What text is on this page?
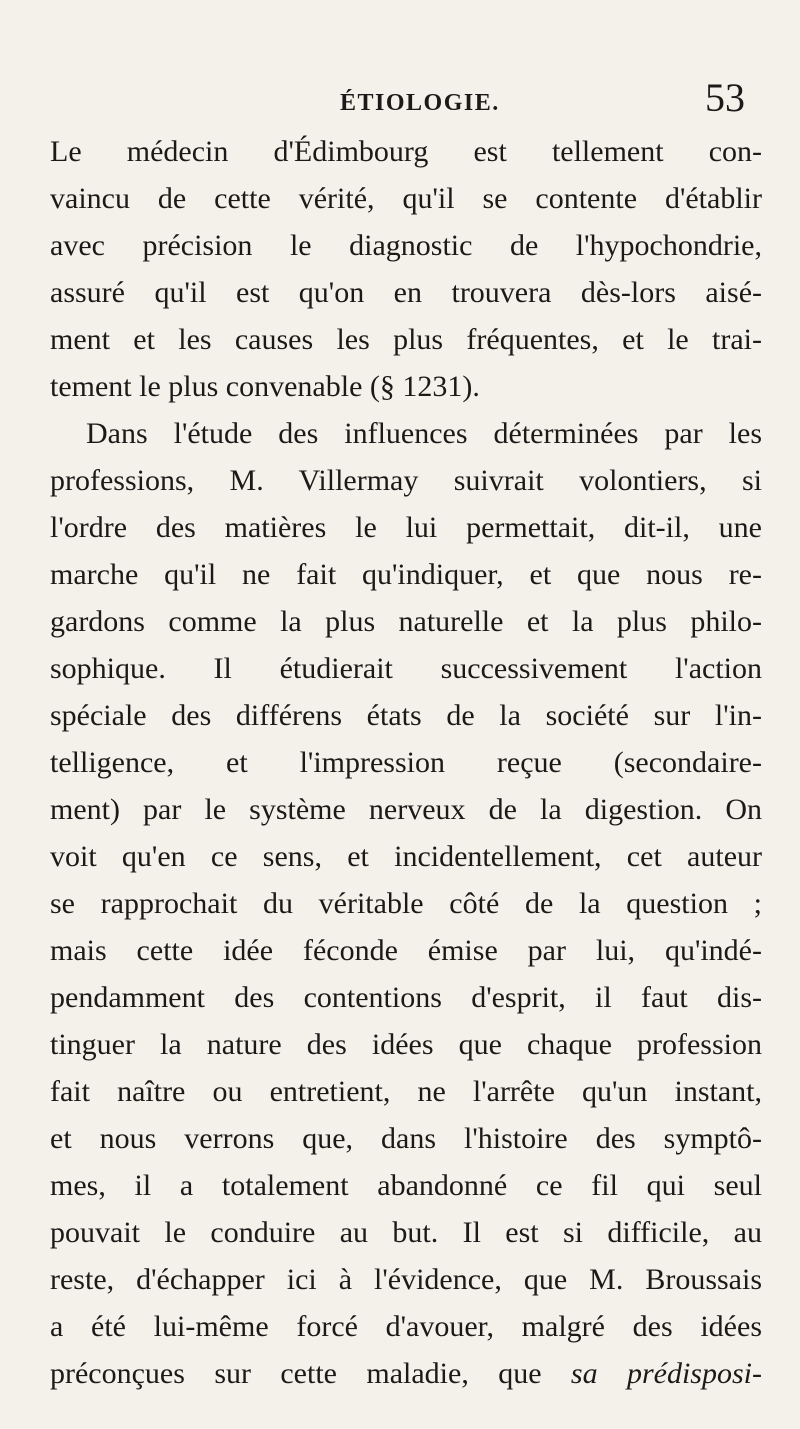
ÉTIOLOGIE.	53
Le médecin d'Édimbourg est tellement con-
vaincu de cette vérité, qu'il se contente d'établir
avec précision le diagnostic de l'hypochondrie,
assuré qu'il est qu'on en trouvera dès-lors aisé-
ment et les causes les plus fréquentes, et le trai-
tement le plus convenable (§ 1231).
Dans l'étude des influences déterminées par les
professions, M. Villermay suivrait volontiers, si
l'ordre des matières le lui permettait, dit-il, une
marche qu'il ne fait qu'indiquer, et que nous re-
gardons comme la plus naturelle et la plus philo-
sophique. Il étudierait successivement l'action
spéciale des différens états de la société sur l'in-
telligence, et l'impression reçue (secondaire-
ment) par le système nerveux de la digestion. On
voit qu'en ce sens, et incidentellement, cet auteur
se rapprochait du véritable côté de la question ;
mais cette idée féconde émise par lui, qu'indé-
pendamment des contentions d'esprit, il faut dis-
tinguer la nature des idées que chaque profession
fait naître ou entretient, ne l'arrête qu'un instant,
et nous verrons que, dans l'histoire des symptô-
mes, il a totalement abandonné ce fil qui seul
pouvait le conduire au but. Il est si difficile, au
reste, d'échapper ici à l'évidence, que M. Broussais
a été lui-même forcé d'avouer, malgré des idées
préconçues sur cette maladie, que sa prédisposi-
